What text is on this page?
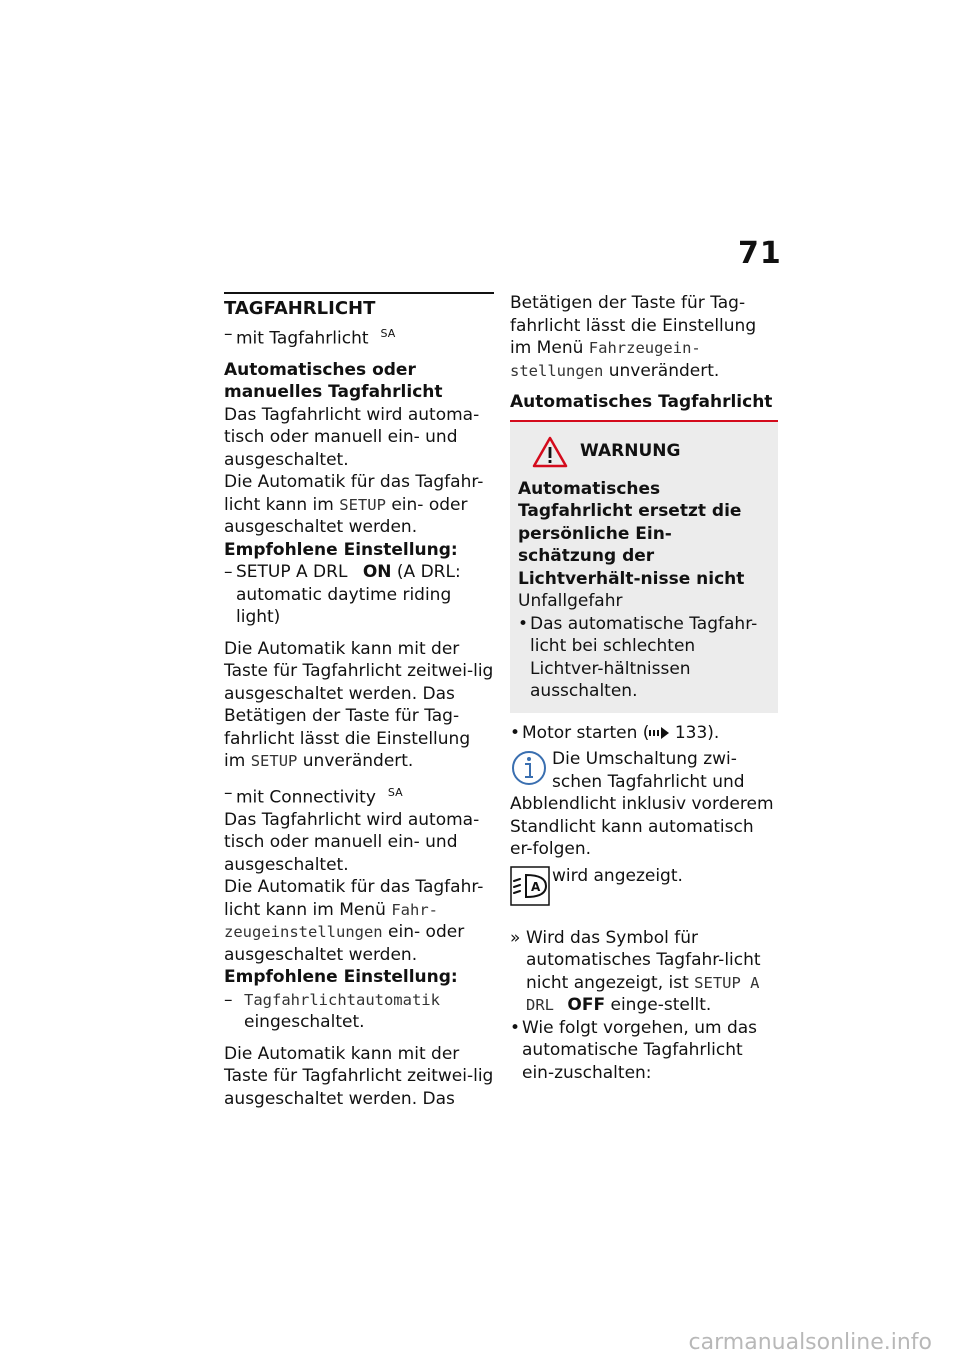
71
TAGFAHRLICHT
– mit Tagfahrlicht $^{SA}$
Automatisches oder manuelles Tagfahrlicht
Das Tagfahrlicht wird automa-tisch oder manuell ein- und ausgeschaltet.
Die Automatik für das Tagfahr-licht kann im SETUP ein- oder ausgeschaltet werden.
Empfohlene Einstellung:
– SETUP A DRL ON (A DRL: automatic daytime riding light)
Die Automatik kann mit der Taste für Tagfahrlicht zeitwei-lig ausgeschaltet werden. Das Betätigen der Taste für Tag-fahrlicht lässt die Einstellung im SETUP unverändert.
– mit Connectivity $^{SA}$
Das Tagfahrlicht wird automa-tisch oder manuell ein- und ausgeschaltet.
Die Automatik für das Tagfahr-licht kann im Menü Fahr-zeugeinstellungen ein- oder ausgeschaltet werden.
Empfohlene Einstellung:
– Tagfahrlichtautomatik eingeschaltet.
Die Automatik kann mit der Taste für Tagfahrlicht zeitwei-lig ausgeschaltet werden. Das
Betätigen der Taste für Tag-fahrlicht lässt die Einstellung im Menü Fahrzeugein-stellungen unverändert.
Automatisches Tagfahrlicht
WARNUNG
Automatisches Tagfahrlicht ersetzt die persönliche Ein-schätzung der Lichtverhält-nisse nicht
Unfallgefahr
• Das automatische Tagfahr-licht bei schlechten Lichtver-hältnissen ausschalten.
• Motor starten ( 133).
Die Umschaltung zwi-schen Tagfahrlicht und Abblendlicht inklusiv vorderem Standlicht kann automatisch er-folgen.
A
wird angezeigt.
» Wird das Symbol für automatisches Tagfahr-licht nicht angezeigt, ist SETUP A DRL OFF einge-stellt.
• Wie folgt vorgehen, um das automatische Tagfahrlicht ein-zuschalten:
carmanualsonline.info
